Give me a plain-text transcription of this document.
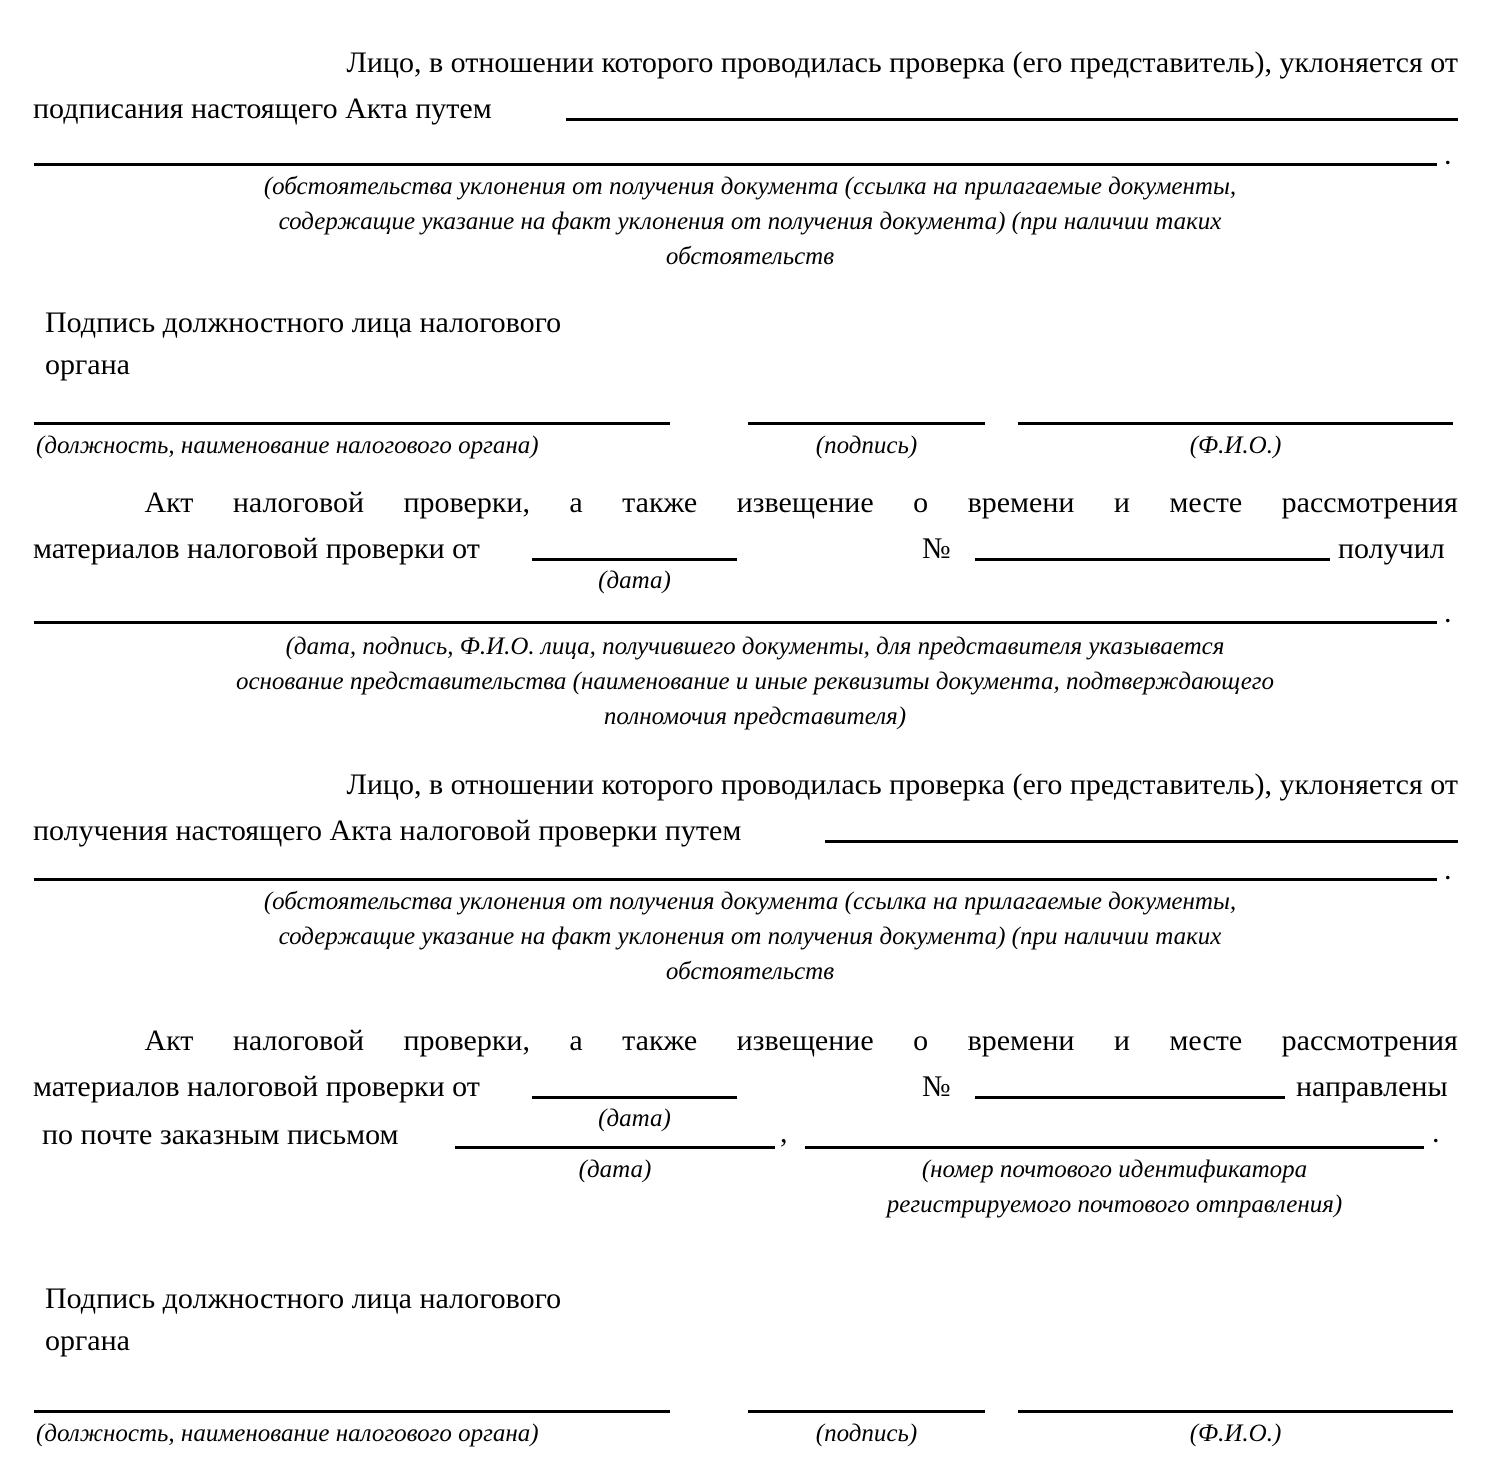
Лицо, в отношении которого проводилась проверка (его представитель), уклоняется от
подписания настоящего Акта путем
.
(обстоятельства уклонения от получения документа (ссылка на прилагаемые документы,
содержащие указание на факт уклонения от получения документа) (при наличии таких
обстоятельств
Подпись должностного лица налогового
органа
(должность, наименование налогового органа)	(подпись)	(Ф.И.О.)
Акт налоговой проверки, а также извещение о времени и месте рассмотрения
материалов налоговой проверки от	№	получил
(дата)
.
(дата, подпись, Ф.И.О. лица, получившего документы, для представителя указывается
основание представительства (наименование и иные реквизиты документа, подтверждающего
полномочия представителя)
Лицо, в отношении которого проводилась проверка (его представитель), уклоняется от
получения настоящего Акта налоговой проверки путем
.
(обстоятельства уклонения от получения документа (ссылка на прилагаемые документы,
содержащие указание на факт уклонения от получения документа) (при наличии таких
обстоятельств
Акт налоговой проверки, а также извещение о времени и месте рассмотрения
материалов налоговой проверки от	№	направлены
(дата)
по почте заказным письмом	,	.
(дата)	(номер почтового идентификатора
регистрируемого почтового отправления)
Подпись должностного лица налогового
органа
(должность, наименование налогового органа)	(подпись)	(Ф.И.О.)
